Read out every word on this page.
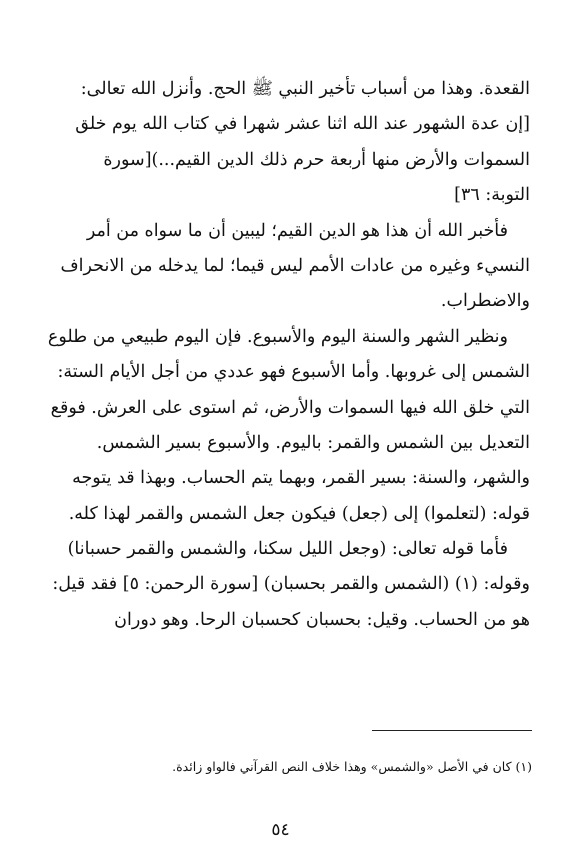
القعدة. وهذا من أسباب تأخير النبي ﷺ الحج. وأنزل الله تعالى:
[إن عدة الشهور عند الله اثنا عشر شهرا في كتاب الله يوم خلق
السموات والأرض منها أربعة حرم ذلك الدين القيم...)[سورة
التوبة: ٣٦]
فأخبر الله أن هذا هو الدين القيم؛ ليبين أن ما سواه من أمر
النسيء وغيره من عادات الأمم ليس قيما؛ لما يدخله من الانحراف
والاضطراب.
ونظير الشهر والسنة اليوم والأسبوع. فإن اليوم طبيعي من طلوع
الشمس إلى غروبها. وأما الأسبوع فهو عددي من أجل الأيام الستة:
التي خلق الله فيها السموات والأرض، ثم استوى على العرش. فوقع
التعديل بين الشمس والقمر: باليوم. والأسبوع بسير الشمس.
والشهر، والسنة: بسير القمر، وبهما يتم الحساب. وبهذا قد يتوجه
قوله: (لتعلموا) إلى (جعل) فيكون جعل الشمس والقمر لهذا كله.
فأما قوله تعالى: (وجعل الليل سكنا، والشمس والقمر حسبانا)
وقوله: (١) (الشمس والقمر بحسبان) [سورة الرحمن: ٥] فقد قيل:
هو من الحساب. وقيل: بحسبان كحسبان الرحا. وهو دوران
(١) كان في الأصل «والشمس» وهذا خلاف النص القرآني فالواو زائدة.
٥٤
